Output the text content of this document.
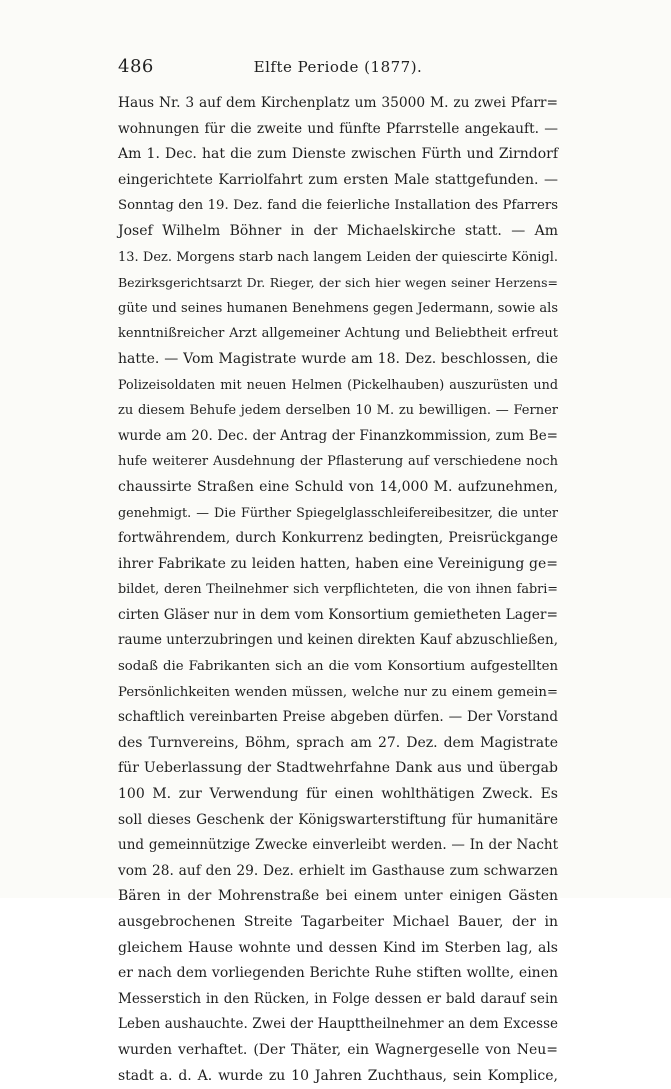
486	Elfte Periode (1877).
Haus Nr. 3 auf dem Kirchenplatz um 35000 M. zu zwei Pfarr=
wohnungen für die zweite und fünfte Pfarrstelle angekauft. —
Am 1. Dec. hat die zum Dienste zwischen Fürth und Zirndorf
eingerichtete Karriolfahrt zum ersten Male stattgefunden. —
Sonntag den 19. Dez. fand die feierliche Installation des Pfarrers
Josef Wilhelm Böhner in der Michaelskirche statt. — Am
13. Dez. Morgens starb nach langem Leiden der quiescirte Königl.
Bezirksgerichtsarzt Dr. Rieger, der sich hier wegen seiner Herzens=
güte und seines humanen Benehmens gegen Jedermann, sowie als
kenntnißreicher Arzt allgemeiner Achtung und Beliebtheit erfreut
hatte. — Vom Magistrate wurde am 18. Dez. beschlossen, die
Polizeisoldaten mit neuen Helmen (Pickelhauben) auszurüsten und
zu diesem Behufe jedem derselben 10 M. zu bewilligen. — Ferner
wurde am 20. Dec. der Antrag der Finanzkommission, zum Be=
hufe weiterer Ausdehnung der Pflasterung auf verschiedene noch
chaussirte Straßen eine Schuld von 14,000 M. aufzunehmen,
genehmigt. — Die Fürther Spiegelglasschleifereibesitzer, die unter
fortwährendem, durch Konkurrenz bedingten, Preisrückgange
ihrer Fabrikate zu leiden hatten, haben eine Vereinigung ge=
bildet, deren Theilnehmer sich verpflichteten, die von ihnen fabri=
cirten Gläser nur in dem vom Konsortium gemietheten Lager=
raume unterzubringen und keinen direkten Kauf abzuschließen,
sodaß die Fabrikanten sich an die vom Konsortium aufgestellten
Persönlichkeiten wenden müssen, welche nur zu einem gemein=
schaftlich vereinbarten Preise abgeben dürfen. — Der Vorstand
des Turnvereins, Böhm, sprach am 27. Dez. dem Magistrate
für Ueberlassung der Stadtwehrfahne Dank aus und übergab
100 M. zur Verwendung für einen wohlthätigen Zweck. Es
soll dieses Geschenk der Königswarterstiftung für humanitäre
und gemeinnützige Zwecke einverleibt werden. — In der Nacht
vom 28. auf den 29. Dez. erhielt im Gasthause zum schwarzen
Bären in der Mohrenstraße bei einem unter einigen Gästen
ausgebrochenen Streite Tagarbeiter Michael Bauer, der in
gleichem Hause wohnte und dessen Kind im Sterben lag, als
er nach dem vorliegenden Berichte Ruhe stiften wollte, einen
Messerstich in den Rücken, in Folge dessen er bald darauf sein
Leben aushauchte. Zwei der Haupttheilnehmer an dem Excesse
wurden verhaftet. (Der Thäter, ein Wagnergeselle von Neu=
stadt a. d. A. wurde zu 10 Jahren Zuchthaus, sein Komplice,
